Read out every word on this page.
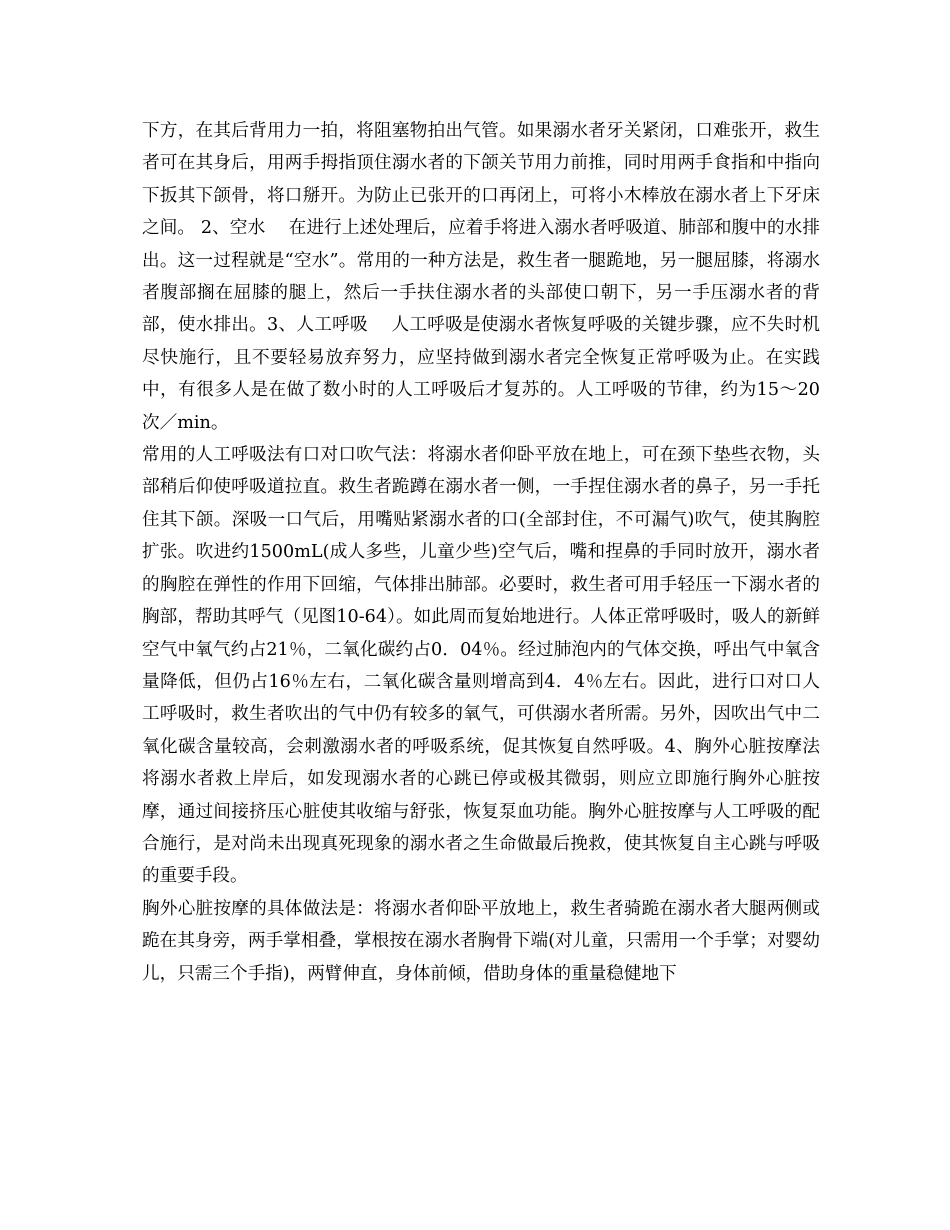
下方，在其后背用力一拍，将阻塞物拍出气管。如果溺水者牙关紧闭，口难张开，救生者可在其身后，用两手拇指顶住溺水者的下颌关节用力前推，同时用两手食指和中指向下扳其下颌骨，将口掰开。为防止已张开的口再闭上，可将小木棒放在溺水者上下牙床之间。 2、空水　 在进行上述处理后，应着手将进入溺水者呼吸道、肺部和腹中的水排出。这一过程就是“空水”。常用的一种方法是，救生者一腿跪地，另一腿屈膝，将溺水者腹部搁在屈膝的腿上，然后一手扶住溺水者的头部使口朝下，另一手压溺水者的背部，使水排出。3、人工呼吸　 人工呼吸是使溺水者恢复呼吸的关键步骤，应不失时机尽快施行，且不要轻易放弃努力，应坚持做到溺水者完全恢复正常呼吸为止。在实践中，有很多人是在做了数小时的人工呼吸后才复苏的。人工呼吸的节律，约为15～20次／min。

常用的人工呼吸法有口对口吹气法：将溺水者仰卧平放在地上，可在颈下垫些衣物，头部稍后仰使呼吸道拉直。救生者跪蹲在溺水者一侧，一手捏住溺水者的鼻子，另一手托住其下颌。深吸一口气后，用嘴贴紧溺水者的口(全部封住，不可漏气)吹气，使其胸腔扩张。吹进约1500mL(成人多些，儿童少些)空气后，嘴和捏鼻的手同时放开，溺水者的胸腔在弹性的作用下回缩，气体排出肺部。必要时，救生者可用手轻压一下溺水者的胸部，帮助其呼气（见图10-64）。如此周而复始地进行。人体正常呼吸时，吸人的新鲜空气中氧气约占21％，二氧化碳约占0．04％。经过肺泡内的气体交换，呼出气中氧含量降低，但仍占16％左右，二氧化碳含量则增高到4．4％左右。因此，进行口对口人工呼吸时，救生者吹出的气中仍有较多的氧气，可供溺水者所需。另外，因吹出气中二氧化碳含量较高，会刺激溺水者的呼吸系统，促其恢复自然呼吸。4、胸外心脏按摩法　 将溺水者救上岸后，如发现溺水者的心跳已停或极其微弱，则应立即施行胸外心脏按摩，通过间接挤压心脏使其收缩与舒张，恢复泵血功能。胸外心脏按摩与人工呼吸的配合施行，是对尚未出现真死现象的溺水者之生命做最后挽救，使其恢复自主心跳与呼吸的重要手段。

胸外心脏按摩的具体做法是：将溺水者仰卧平放地上，救生者骑跪在溺水者大腿两侧或跪在其身旁，两手掌相叠，掌根按在溺水者胸骨下端(对儿童，只需用一个手掌；对婴幼儿，只需三个手指)，两臂伸直，身体前倾，借助身体的重量稳健地下
